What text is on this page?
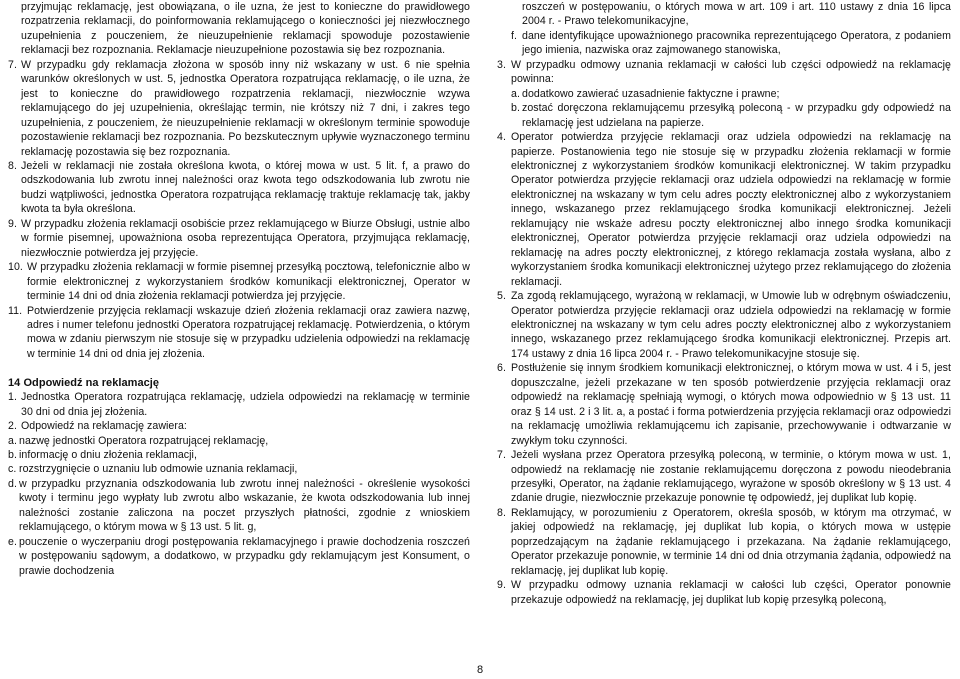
przyjmując reklamację, jest obowiązana, o ile uzna, że jest to konieczne do prawidłowego rozpatrzenia reklamacji, do poinformowania reklamującego o konieczności jej niezwłocznego uzupełnienia z pouczeniem, że nieuzupełnienie reklamacji spowoduje pozostawienie reklamacji bez rozpoznania. Reklamacje nieuzupełnione pozostawia się bez rozpoznania.

7. W przypadku gdy reklamacja złożona w sposób inny niż wskazany w ust. 6 nie spełnia warunków określonych w ust. 5, jednostka Operatora rozpatrująca reklamację, o ile uzna, że jest to konieczne do prawidłowego rozpatrzenia reklamacji, niezwłocznie wzywa reklamującego do jej uzupełnienia, określając termin, nie krótszy niż 7 dni, i zakres tego uzupełnienia, z pouczeniem, że nieuzupełnienie reklamacji w określonym terminie spowoduje pozostawienie reklamacji bez rozpoznania. Po bezskutecznym upływie wyznaczonego terminu reklamację pozostawia się bez rozpoznania.
8. Jeżeli w reklamacji nie została określona kwota, o której mowa w ust. 5 lit. f, a prawo do odszkodowania lub zwrotu innej należności oraz kwota tego odszkodowania lub zwrotu nie budzi wątpliwości, jednostka Operatora rozpatrująca reklamację traktuje reklamację tak, jakby kwota ta była określona.
9. W przypadku złożenia reklamacji osobiście przez reklamującego w Biurze Obsługi, ustnie albo w formie pisemnej, upoważniona osoba reprezentująca Operatora, przyjmująca reklamację, niezwłocznie potwierdza jej przyjęcie.
10. W przypadku złożenia reklamacji w formie pisemnej przesyłką pocztową, telefonicznie albo w formie elektronicznej z wykorzystaniem środków komunikacji elektronicznej, Operator w terminie 14 dni od dnia złożenia reklamacji potwierdza jej przyjęcie.
11. Potwierdzenie przyjęcia reklamacji wskazuje dzień złożenia reklamacji oraz zawiera nazwę, adres i numer telefonu jednostki Operatora rozpatrującej reklamację. Potwierdzenia, o którym mowa w zdaniu pierwszym nie stosuje się w przypadku udzielenia odpowiedzi na reklamację w terminie 14 dni od dnia jej złożenia.

14 Odpowiedź na reklamację

1. Jednostka Operatora rozpatrująca reklamację, udziela odpowiedzi na reklamację w terminie 30 dni od dnia jej złożenia.
2. Odpowiedź na reklamację zawiera:
a. nazwę jednostki Operatora rozpatrującej reklamację,
b. informację o dniu złożenia reklamacji,
c. rozstrzygnięcie o uznaniu lub odmowie uznania reklamacji,
d. w przypadku przyznania odszkodowania lub zwrotu innej należności - określenie wysokości kwoty i terminu jego wypłaty lub zwrotu albo wskazanie, że kwota odszkodowania lub innej należności zostanie zaliczona na poczet przyszłych płatności, zgodnie z wnioskiem reklamującego, o którym mowa w § 13 ust. 5 lit. g,
e. pouczenie o wyczerpaniu drogi postępowania reklamacyjnego i prawie dochodzenia roszczeń w postępowaniu sądowym, a dodatkowo, w przypadku gdy reklamującym jest Konsument, o prawie dochodzenia

roszczeń w postępowaniu, o których mowa w art. 109 i art. 110 ustawy z dnia 16 lipca 2004 r. - Prawo telekomunikacyjne,

f. dane identyfikujące upoważnionego pracownika reprezentującego Operatora, z podaniem jego imienia, nazwiska oraz zajmowanego stanowiska,
3. W przypadku odmowy uznania reklamacji w całości lub części odpowiedź na reklamację powinna:
a. dodatkowo zawierać uzasadnienie faktyczne i prawne;
b. zostać doręczona reklamującemu przesyłką poleconą - w przypadku gdy odpowiedź na reklamację jest udzielana na papierze.
4. Operator potwierdza przyjęcie reklamacji oraz udziela odpowiedzi na reklamację na papierze. Postanowienia tego nie stosuje się w przypadku złożenia reklamacji w formie elektronicznej z wykorzystaniem środków komunikacji elektronicznej. W takim przypadku Operator potwierdza przyjęcie reklamacji oraz udziela odpowiedzi na reklamację w formie elektronicznej na wskazany w tym celu adres poczty elektronicznej albo z wykorzystaniem innego, wskazanego przez reklamującego środka komunikacji elektronicznej. Jeżeli reklamujący nie wskaże adresu poczty elektronicznej albo innego środka komunikacji elektronicznej, Operator potwierdza przyjęcie reklamacji oraz udziela odpowiedzi na reklamację na adres poczty elektronicznej, z którego reklamacja została wysłana, albo z wykorzystaniem środka komunikacji elektronicznej użytego przez reklamującego do złożenia reklamacji.
5. Za zgodą reklamującego, wyrażoną w reklamacji, w Umowie lub w odrębnym oświadczeniu, Operator potwierdza przyjęcie reklamacji oraz udziela odpowiedzi na reklamację w formie elektronicznej na wskazany w tym celu adres poczty elektronicznej albo z wykorzystaniem innego, wskazanego przez reklamującego środka komunikacji elektronicznej. Przepis art. 174 ustawy z dnia 16 lipca 2004 r. - Prawo telekomunikacyjne stosuje się.
6. Postłużenie się innym środkiem komunikacji elektronicznej, o którym mowa w ust. 4 i 5, jest dopuszczalne, jeżeli przekazane w ten sposób potwierdzenie przyjęcia reklamacji oraz odpowiedź na reklamację spełniają wymogi, o których mowa odpowiednio w § 13 ust. 11 oraz § 14 ust. 2 i 3 lit. a, a postać i forma potwierdzenia przyjęcia reklamacji oraz odpowiedzi na reklamację umożliwia reklamującemu ich zapisanie, przechowywanie i odtwarzanie w zwykłym toku czynności.
7. Jeżeli wysłana przez Operatora przesyłką poleconą, w terminie, o którym mowa w ust. 1, odpowiedź na reklamację nie zostanie reklamującemu doręczona z powodu nieodebrania przesyłki, Operator, na żądanie reklamującego, wyrażone w sposób określony w § 13 ust. 4 zdanie drugie, niezwłocznie przekazuje ponownie tę odpowiedź, jej duplikat lub kopię.
8. Reklamujący, w porozumieniu z Operatorem, określa sposób, w którym ma otrzymać, w jakiej odpowiedź na reklamację, jej duplikat lub kopia, o których mowa w ustępie poprzedzającym na żądanie reklamującego i przekazana. Na żądanie reklamującego, Operator przekazuje ponownie, w terminie 14 dni od dnia otrzymania żądania, odpowiedź na reklamację, jej duplikat lub kopię.
9. W przypadku odmowy uznania reklamacji w całości lub części, Operator ponownie przekazuje odpowiedź na reklamację, jej duplikat lub kopię przesyłką poleconą,
8
